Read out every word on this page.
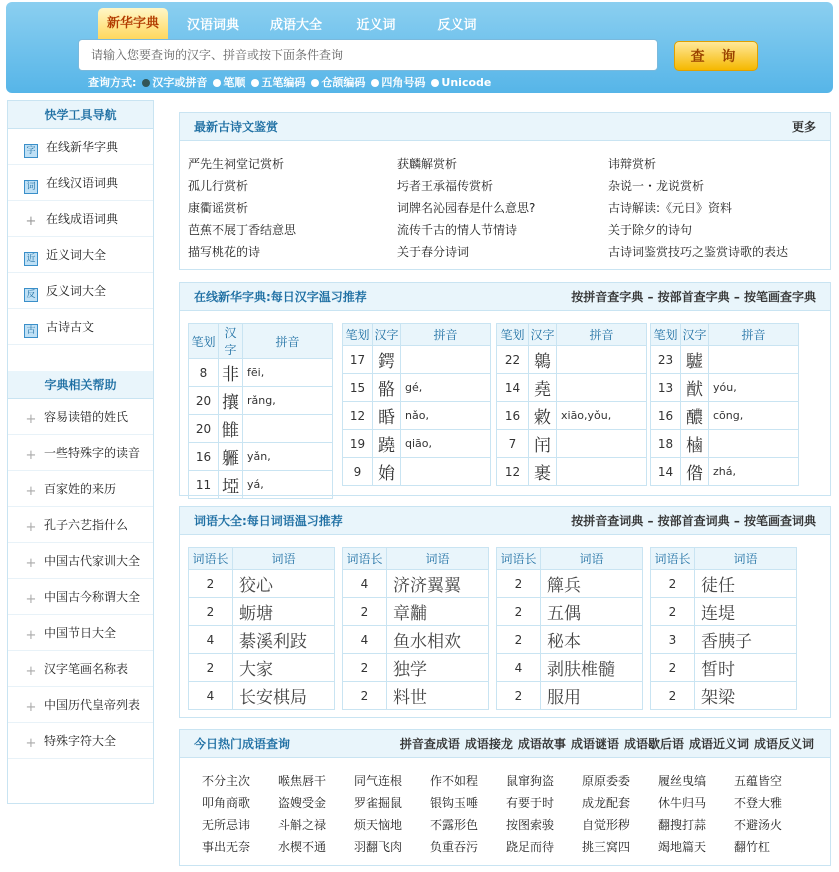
新华字典	汉语词典	成语大全	近义词	反义词
请输入您要查询的汉字、拼音或按下面条件查询	查 询
查询方式: 汉字或拼音 笔顺 五笔编码 仓颉编码 四角号码 Unicode
快学工具导航
字 在线新华字典
词 在线汉语词典
+ 在线成语词典
近 近义词大全
反 反义词大全
古 古诗古文
字典相关帮助
+ 容易读错的姓氏
+ 一些特殊字的读音
+ 百家姓的来历
+ 孔子六艺指什么
+ 中国古代家训大全
+ 中国古今称谓大全
+ 中国节日大全
+ 汉字笔画名称表
+ 中国历代皇帝列表
+ 特殊字符大全
最新古诗文鉴赏	更多
严先生祠堂记赏析	获麟解赏析	讳辩赏析
孤儿行赏析	圬者王承福传赏析	杂说一・龙说赏析
康衢谣赏析	词牌名沁园春是什么意思?	古诗解读:《元日》资料
芭蕉不展丁香结意思	流传千古的情人节情诗	关于除夕的诗句
描写桃花的诗	关于春分诗词	古诗词鉴赏技巧之鉴赏诗歌的表达
在线新华字典:每日汉字温习推荐	按拼音查字典 – 按部首查字典 – 按笔画查字典
笔划	汉字	拼音
8	非	fēi,
20	攘	rǎng,
20	雔	
16	軅	yǎn,
11	埡	yá,
笔划	汉字	拼音
17	鍔	
15	骼	gé,
12	睧	nǎo,
19	蹺	qiāo,
9	姢	
笔划	汉字	拼音
22	鷎	
14	堯	
16	敹	xiāo,yǒu,
7	闬	
12	裹	
笔划	汉字	拼音
23	驉	
13	猷	yóu,
16	醲	cōng,
18	樐	
14	偺	zhá,
词语大全:每日词语温习推荐	按拼音查词典 – 按部首查词典 – 按笔画查词典
词语长	词语
2	狡心
2	蛎塘
4	綦溪利跂
2	大家
4	长安棋局
词语长	词语
4	济济翼翼
2	章黼
4	鱼水相欢
2	独学
2	料世
词语长	词语
2	簰兵
2	五偶
2	秘本
4	剥肤椎髓
2	服用
词语长	词语
2	徒任
2	连堤
3	香胰子
2	皙时
2	架梁
今日热门成语查询	拼音查成语 成语接龙 成语故事 成语谜语 成语歇后语 成语近义词 成语反义词
不分主次 喉焦唇干 同气连根 作不如程 鼠窜狗盗 原原委委 履丝曳缟 五蕴皆空
叩角商歌 盗嫂受金 罗雀掘鼠 银钩玉唾 有要于时 成龙配套 休牛归马 不登大雅
无所忌讳 斗斛之禄 烦天恼地 不露形色 按图索骏 自觉形秽 翻搜打蒜 不避汤火
事出无奈 水楔不通 羽翻飞肉 负重吞污 跷足而待 挑三窝四 竭地篇天 翻竹杠
